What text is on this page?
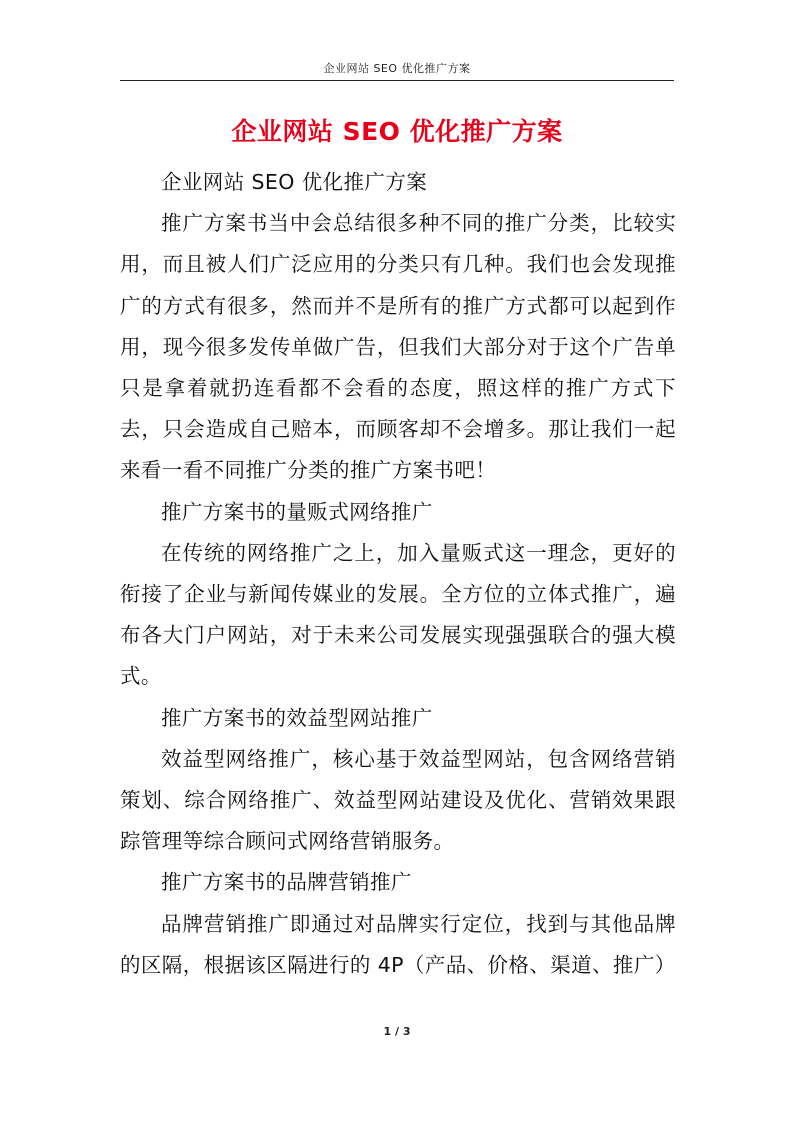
企业网站 SEO 优化推广方案
企业网站 SEO 优化推广方案

企业网站 SEO 优化推广方案

推广方案书当中会总结很多种不同的推广分类，比较实用，而且被人们广泛应用的分类只有几种。我们也会发现推广的方式有很多，然而并不是所有的推广方式都可以起到作用，现今很多发传单做广告，但我们大部分对于这个广告单只是拿着就扔连看都不会看的态度，照这样的推广方式下去，只会造成自己赔本，而顾客却不会增多。那让我们一起来看一看不同推广分类的推广方案书吧！

推广方案书的量贩式网络推广

在传统的网络推广之上，加入量贩式这一理念，更好的衔接了企业与新闻传媒业的发展。全方位的立体式推广，遍布各大门户网站，对于未来公司发展实现强强联合的强大模式。

推广方案书的效益型网站推广

效益型网络推广，核心基于效益型网站，包含网络营销策划、综合网络推广、效益型网站建设及优化、营销效果跟踪管理等综合顾问式网络营销服务。

推广方案书的品牌营销推广

品牌营销推广即通过对品牌实行定位，找到与其他品牌的区隔，根据该区隔进行的 4P（产品、价格、渠道、推广）

1 / 3
